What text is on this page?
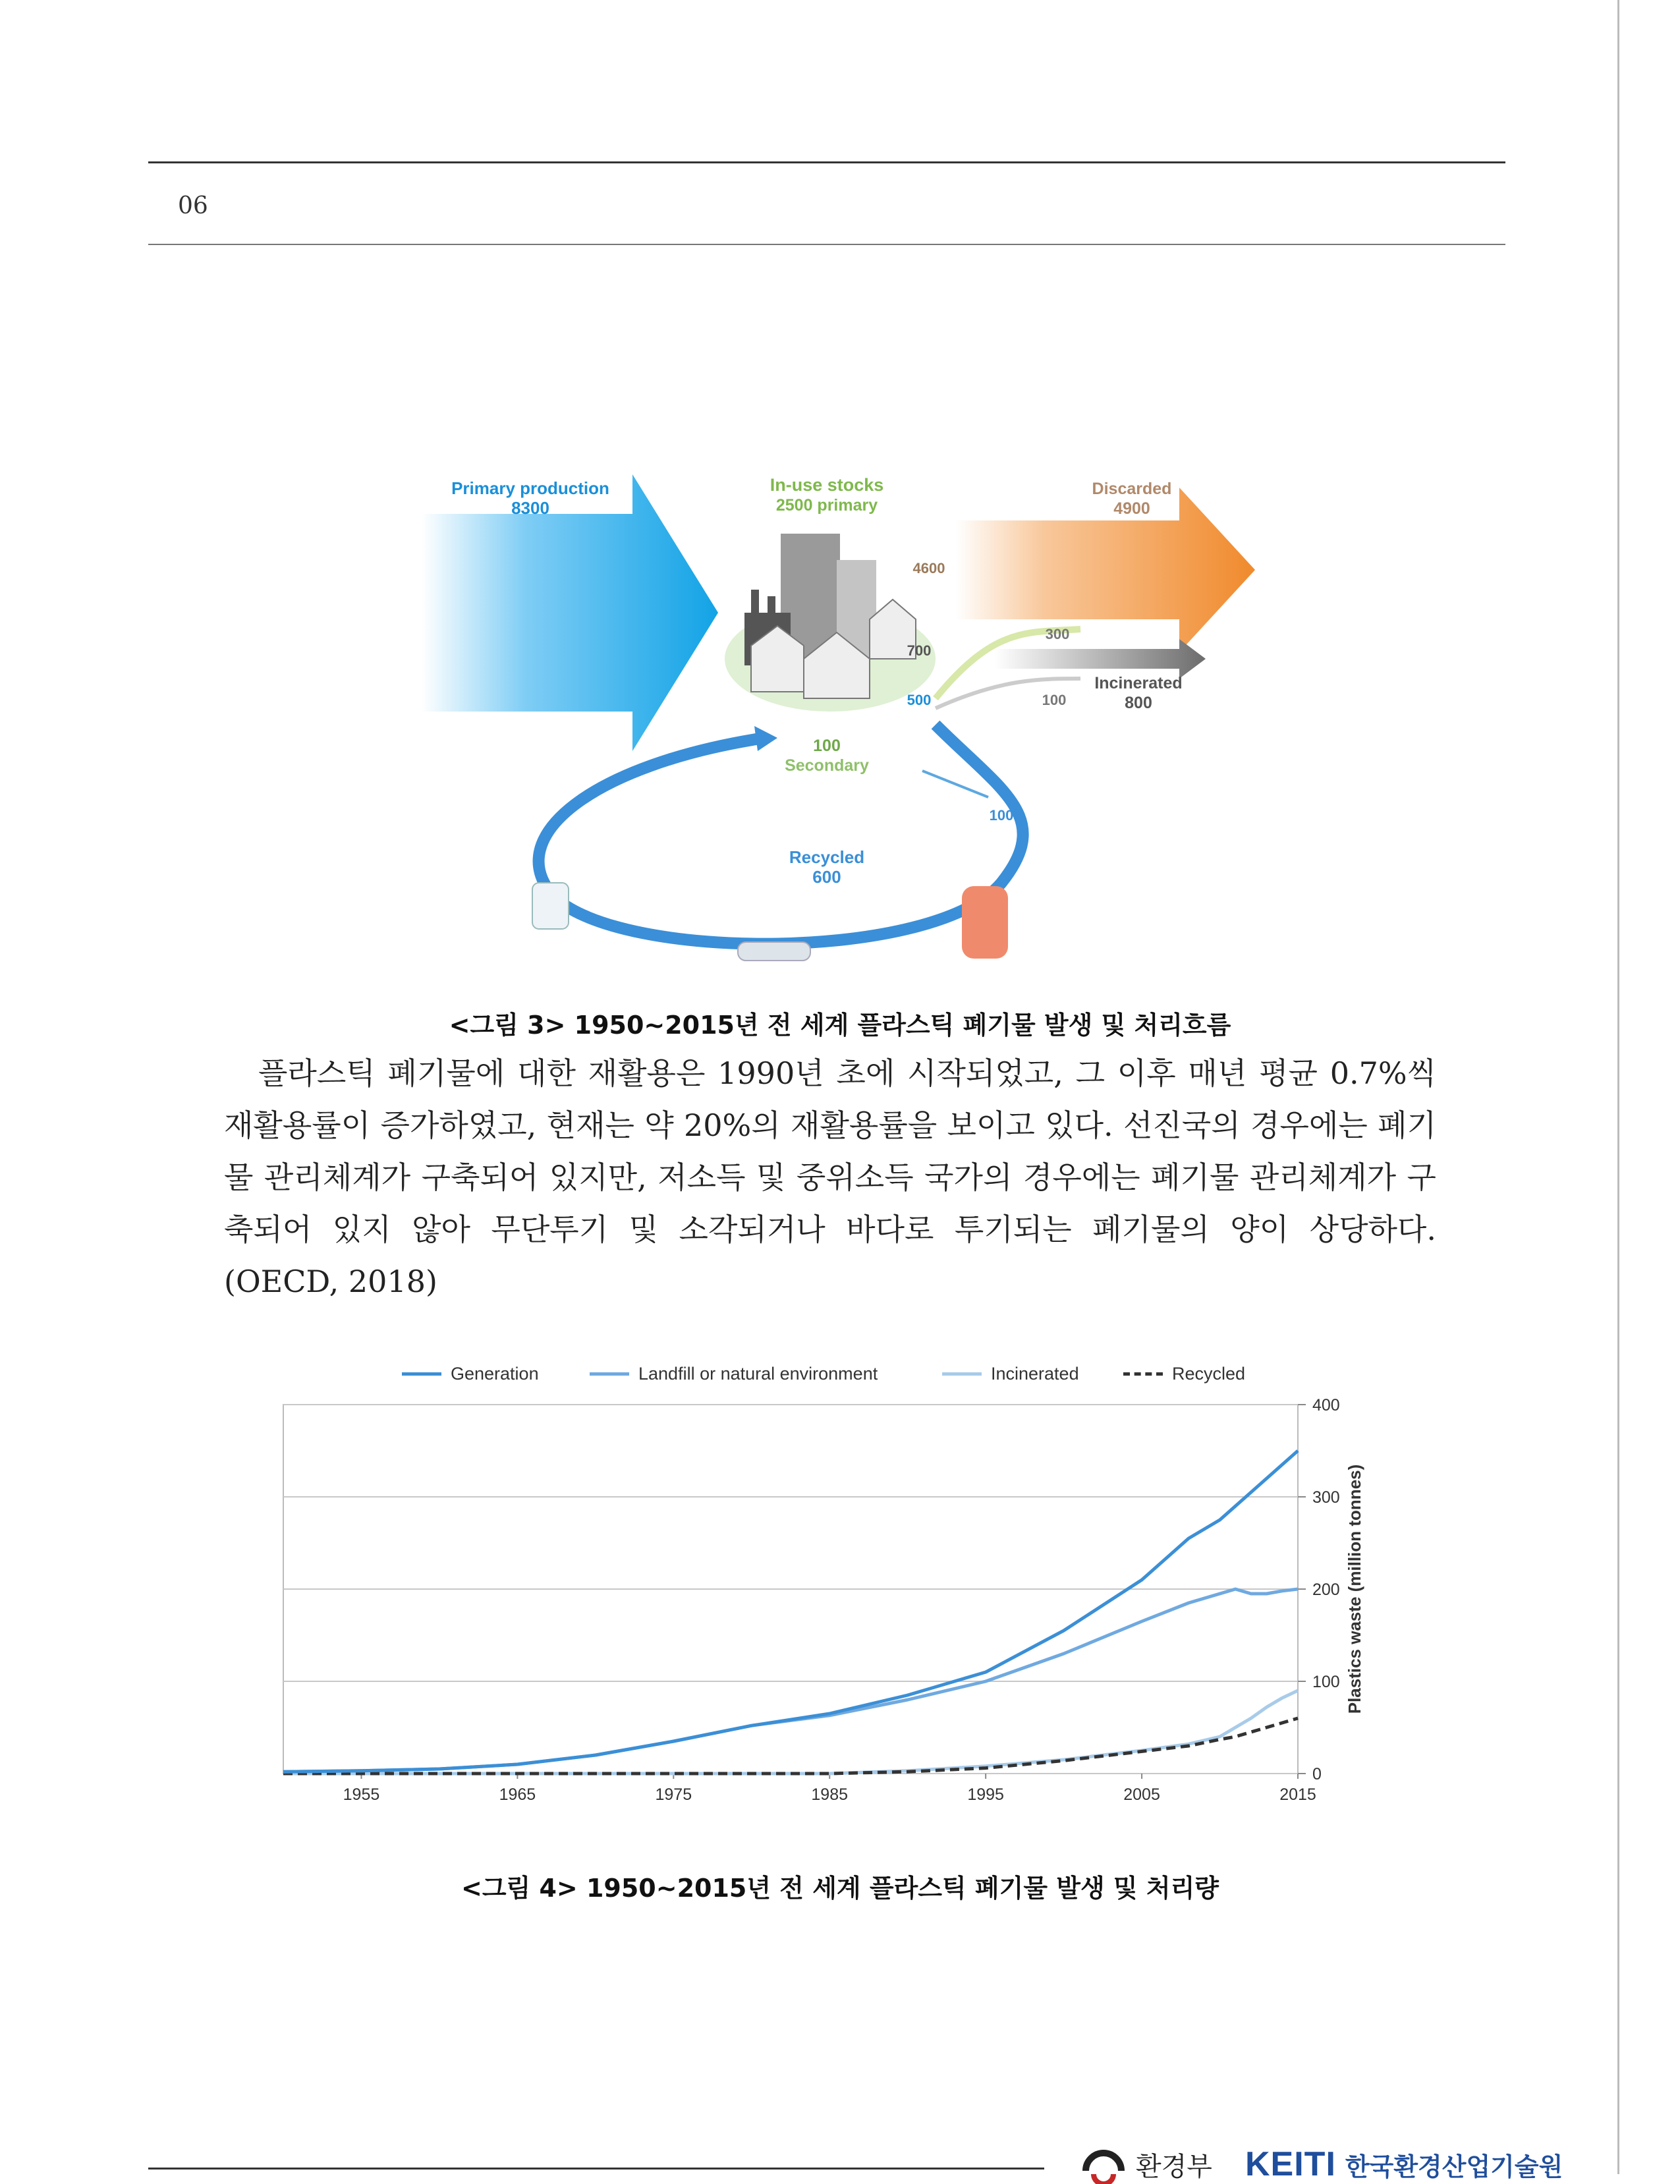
06
Primary production
8300
In-use stocks
2500 primary
100
Secondary
Discarded
4900
4600
700
500
300
100
Incinerated
800
100
Recycled
600
<그림 3> 1950~2015년 전 세계 플라스틱 폐기물 발생 및 처리흐름

플라스틱 폐기물에 대한 재활용은 1990년 초에 시작되었고, 그 이후 매년 평균 0.7%씩 재활용률이 증가하였고, 현재는 약 20%의 재활용률을 보이고 있다. 선진국의 경우에는 폐기물 관리체계가 구축되어 있지만, 저소득 및 중위소득 국가의 경우에는 폐기물 관리체계가 구축되어 있지 않아 무단투기 및 소각되거나 바다로 투기되는 폐기물의 양이 상당하다. (OECD, 2018)

Generation	Landfill or natural environment	Incinerated	Recycled
0
100
200
300
400
1955	1965	1975	1985	1995	2005	2015
Plastics waste (million tonnes)
<그림 4> 1950~2015년 전 세계 플라스틱 폐기물 발생 및 처리량
환경부 KEITI 한국환경산업기술원
